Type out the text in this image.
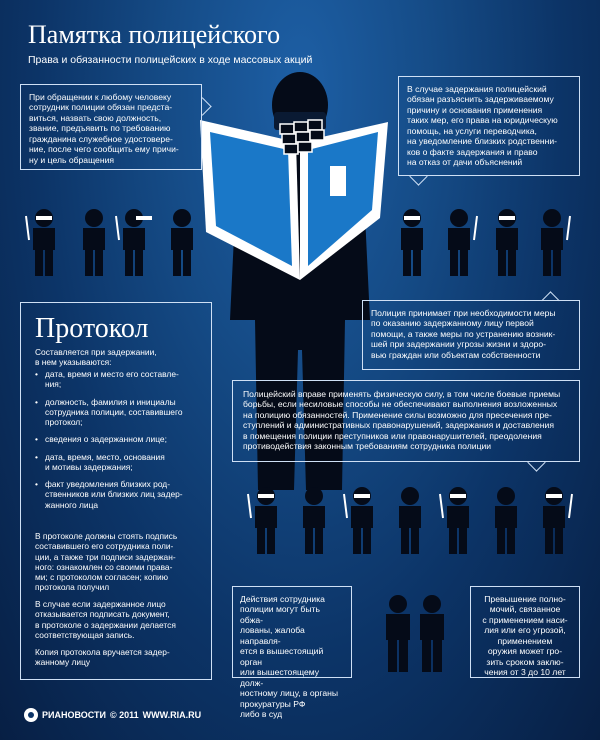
Памятка полицейского
Права и обязанности полицейских в ходе массовых акций
При обращении к любому человеку
сотрудник полиции обязан предста-
виться, назвать свою должность,
звание, предъявить по требованию
гражданина служебное удостовере-
ние, после чего сообщить ему причи-
ну и цель обращения
В случае задержания полицейский
обязан разъяснить задерживаемому
причину и основания применения
таких мер, его права на юридическую
помощь, на услуги переводчика,
на уведомление близких родственни-
ков о факте задержания и право
на отказ от дачи объяснений
Полиция принимает при необходимости меры
по оказанию задержанному лицу первой
помощи, а также меры по устранению возник-
шей при задержании угрозы жизни и здоро-
вью граждан или объектам собственности
Полицейский вправе применять физическую силу, в том числе боевые приемы
борьбы, если несиловые способы не обеспечивают выполнения возложенных
на полицию обязанностей. Применение силы возможно для пресечения пре-
ступлений и административных правонарушений, задержания и доставления
в помещения полиции преступников или правонарушителей, преодоления
противодействия законным требованиям сотрудника полиции
Действия сотрудника
полиции могут быть обжа-
лованы, жалоба направля-
ется в вышестоящий орган
или вышестоящему долж-
ностному лицу, в органы
прокуратуры РФ
либо в суд
Превышение полно-
мочий, связанное
с применением наси-
лия или его угрозой,
применением
оружия может гро-
зить сроком заклю-
чения от 3 до 10 лет
Протокол
Составляется при задержании,
в нем указываются:
• дата, время и место его составле-
ния;
• должность, фамилия и инициалы
сотрудника полиции, составившего
протокол;
• сведения о задержанном лице;
• дата, время, место, основания
и мотивы задержания;
• факт уведомления близких род-
ственников или близких лиц задер-
жанного лица
В протоколе должны стоять подпись
составившего его сотрудника поли-
ции, а также три подписи задержан-
ного: ознакомлен со своими права-
ми; с протоколом согласен; копию
протокола получил
В случае если задержанное лицо
отказывается подписать документ,
в протоколе о задержании делается
соответствующая запись.
Копия протокола вручается задер-
жанному лицу
РИАНОВОСТИ © 2011 WWW.RIA.RU
